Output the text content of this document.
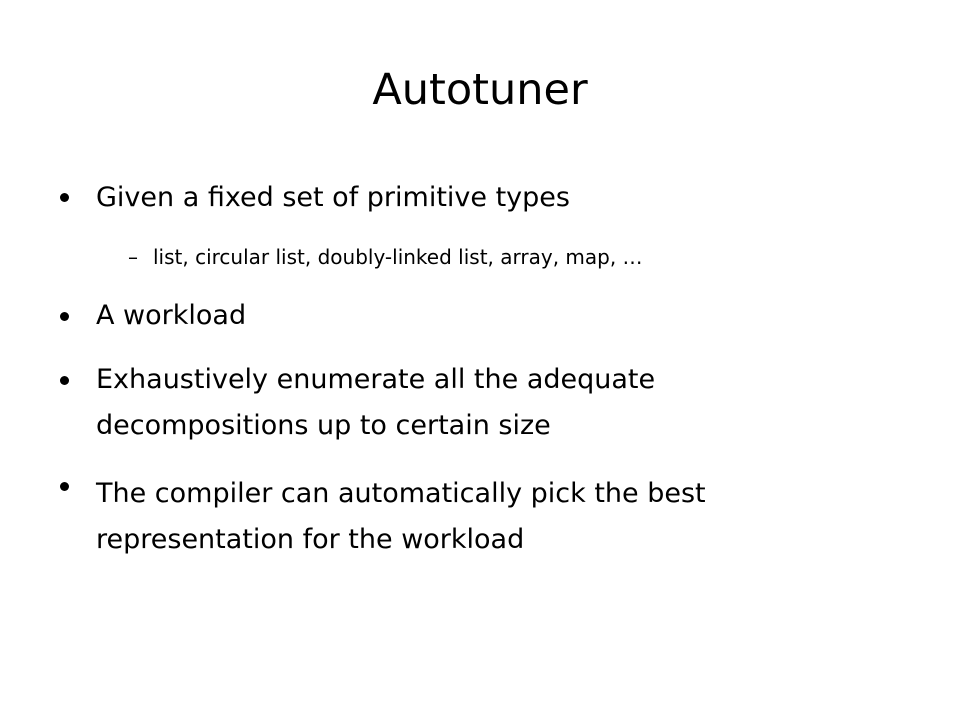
Autotuner
Given a fixed set of primitive types
– list, circular list, doubly-linked list, array, map, …
A workload
Exhaustively enumerate all the adequate
decompositions up to certain size
The compiler can automatically pick the best
representation for the workload
